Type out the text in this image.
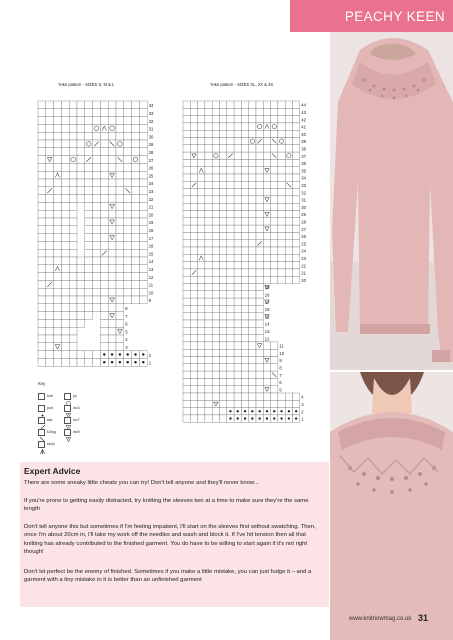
PEACHY KEEN
Yoke pattern - SIZES S, M & L	Yoke pattern - SIZES XL, 2X & 3X
34
33
32
31
30
29
28
27
26
25
24
23
22
21
20
19
18
17
16
15
14
13
12
11
10
9
8
7
6
5
4
3
2
1
44
43
42
41
40
39
38
37
36
35
34
33
32
31
30
29
28
27
26
25
24
23
22
21
20
19
18
17
16
15
14
13
12
11
10
9
8
7
6
5
4
3
2
1
Key
knit
purl
ssk
k2tog
sk2p
yo
3
inc3
7
inc7
9
inc9
Expert Advice

There are some sneaky little cheats you can try! Don't tell anyone and they'll never know...

If you're prone to getting easily distracted, try knitting the sleeves two at a time to make sure they're the same length

Don't tell anyone this but sometimes if I'm feeling impatient, I'll start on the sleeves first without swatching. Then, once I'm about 20cm in, I'll take my work off the needles and wash and block it. If I've hit tension then all that knitting has already contributed to the finished garment. You do have to be willing to start again if it's not right though!

Don't let perfect be the enemy of finished. Sometimes if you make a little mistake, you can just fudge it – and a garment with a tiny mistake in it is better than an unfinished garment

www.knitnowmag.co.uk 31
